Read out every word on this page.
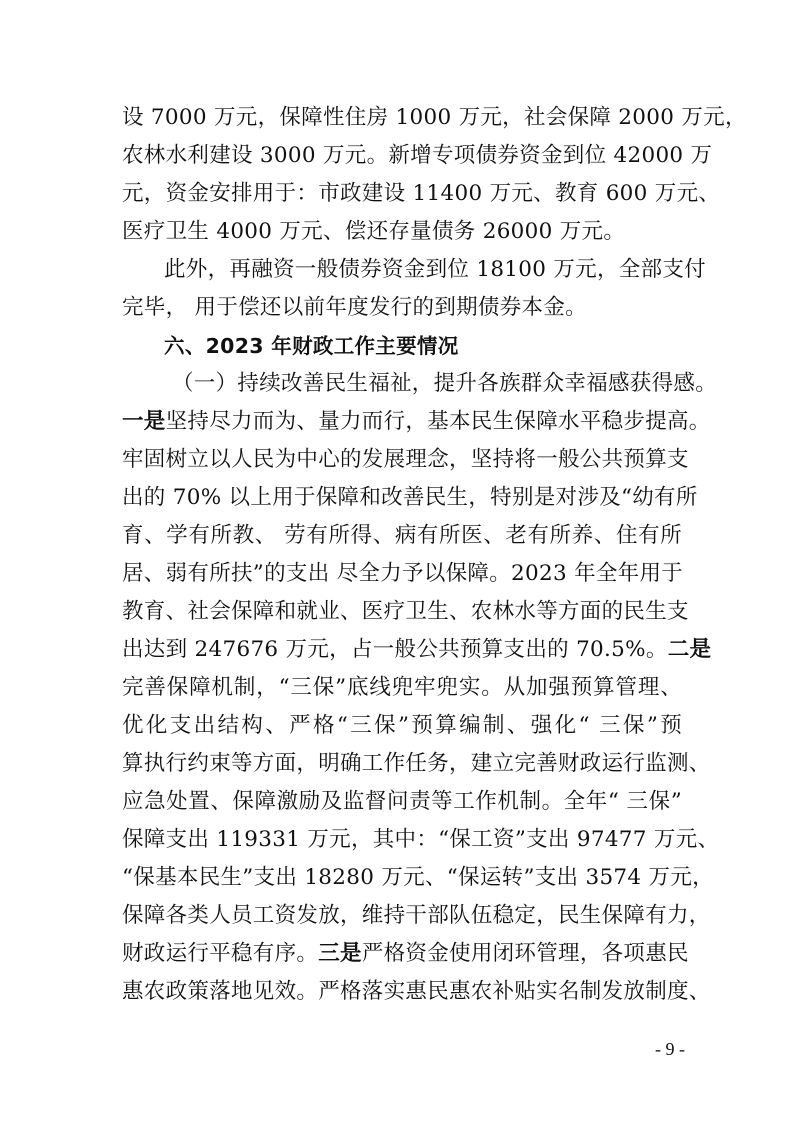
设 7000 万元，保障性住房 1000 万元，社会保障 2000 万元，
农林水利建设 3000 万元。新增专项债券资金到位 42000 万
元，资金安排用于：市政建设 11400 万元、教育 600 万元、
医疗卫生 4000 万元、偿还存量债务 26000 万元。
此外，再融资一般债券资金到位 18100 万元，全部支付
完毕， 用于偿还以前年度发行的到期债券本金。
六、2023 年财政工作主要情况
（一）持续改善民生福祉，提升各族群众幸福感获得感。
一是坚持尽力而为、量力而行，基本民生保障水平稳步提高。
牢固树立以人民为中心的发展理念，坚持将一般公共预算支
出的 70% 以上用于保障和改善民生，特别是对涉及“幼有所
育、学有所教、 劳有所得、病有所医、老有所养、住有所
居、弱有所扶”的支出 尽全力予以保障。2023 年全年用于
教育、社会保障和就业、医疗卫生、农林水等方面的民生支
出达到 247676 万元，占一般公共预算支出的 70.5%。二是
完善保障机制，“三保”底线兜牢兜实。从加强预算管理、
优化支出结构、严格“三保”预算编制、强化“ 三保”预
算执行约束等方面，明确工作任务，建立完善财政运行监测、
应急处置、保障激励及监督问责等工作机制。全年“ 三保”
保障支出 119331 万元，其中：“保工资”支出 97477 万元、
“保基本民生”支出 18280 万元、“保运转”支出 3574 万元，
保障各类人员工资发放，维持干部队伍稳定，民生保障有力，
财政运行平稳有序。三是严格资金使用闭环管理，各项惠民
惠农政策落地见效。严格落实惠民惠农补贴实名制发放制度、
- 9 -
